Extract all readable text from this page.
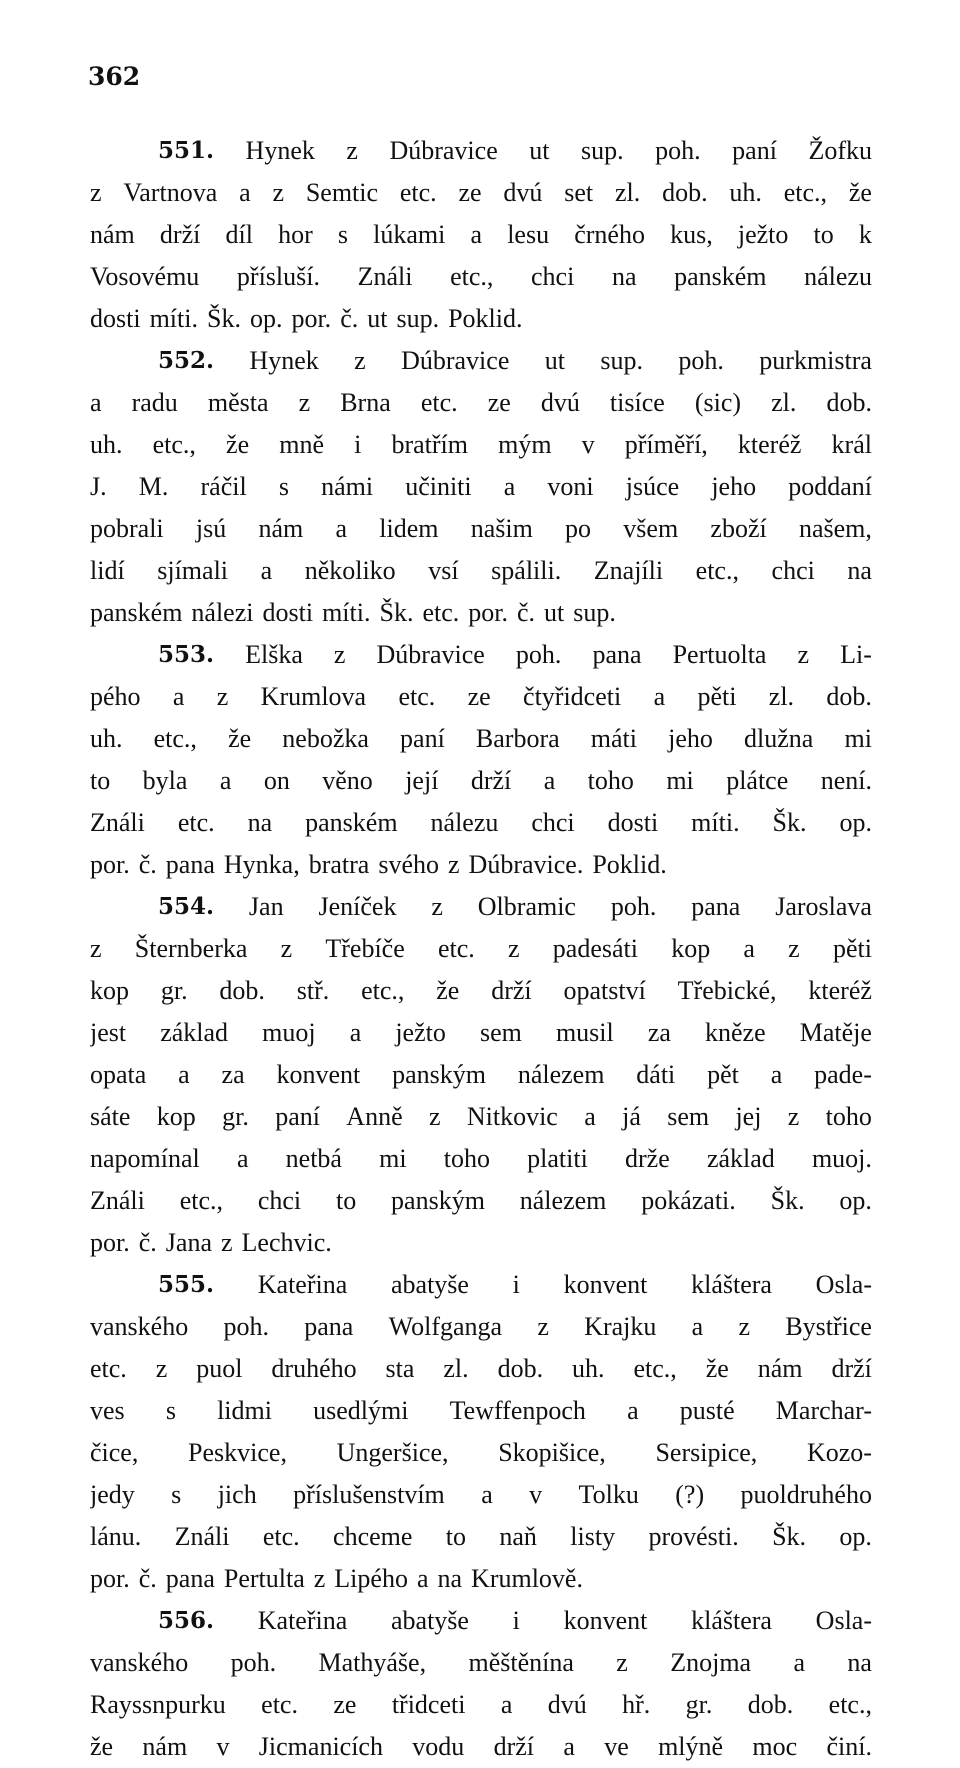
362
551. Hynek z Dúbravice ut sup. poh. paní Žofku
z Vartnova a z Semtic etc. ze dvú set zl. dob. uh. etc., že
nám drží díl hor s lúkami a lesu črného kus, ježto to k
Vosovému přísluší. Ználi etc., chci na panském nálezu
dosti míti. Šk. op. por. č. ut sup. Poklid.
552. Hynek z Dúbravice ut sup. poh. purkmistra
a radu města z Brna etc. ze dvú tisíce (sic) zl. dob.
uh. etc., že mně i bratřím mým v příměří, kteréž král
J. M. ráčil s námi učiniti a voni jsúce jeho poddaní
pobrali jsú nám a lidem našim po všem zboží našem,
lidí sjímali a několiko vsí spálili. Znajíli etc., chci na
panském nálezi dosti míti. Šk. etc. por. č. ut sup.
553. Elška z Dúbravice poh. pana Pertuolta z Li-
pého a z Krumlova etc. ze čtyřidceti a pěti zl. dob.
uh. etc., že nebožka paní Barbora máti jeho dlužna mi
to byla a on věno její drží a toho mi plátce není.
Ználi etc. na panském nálezu chci dosti míti. Šk. op.
por. č. pana Hynka, bratra svého z Dúbravice. Poklid.
554. Jan Jeníček z Olbramic poh. pana Jaroslava
z Šternberka z Třebíče etc. z padesáti kop a z pěti
kop gr. dob. stř. etc., že drží opatství Třebické, kteréž
jest základ muoj a ježto sem musil za kněze Matěje
opata a za konvent panským nálezem dáti pět a pade-
sáte kop gr. paní Anně z Nitkovic a já sem jej z toho
napomínal a netbá mi toho platiti drže základ muoj.
Ználi etc., chci to panským nálezem pokázati. Šk. op.
por. č. Jana z Lechvic.
555. Kateřina abatyše i konvent kláštera Osla-
vanského poh. pana Wolfganga z Krajku a z Bystřice
etc. z puol druhého sta zl. dob. uh. etc., že nám drží
ves s lidmi usedlými Tewffenpoch a pusté Marchar-
čice, Peskvice, Ungeršice, Skopišice, Sersipice, Kozo-
jedy s jich příslušenstvím a v Tolku (?) puoldruhého
lánu. Ználi etc. chceme to naň listy provésti. Šk. op.
por. č. pana Pertulta z Lipého a na Krumlově.
556. Kateřina abatyše i konvent kláštera Osla-
vanského poh. Mathyáše, měštěnína z Znojma a na
Rayssnpurku etc. ze třidceti a dvú hř. gr. dob. etc.,
že nám v Jicmanicích vodu drží a ve mlýně moc činí.
